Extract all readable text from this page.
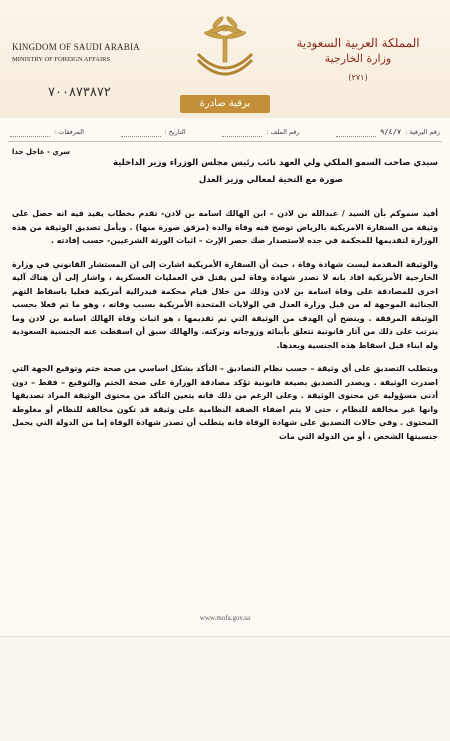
KINGDOM OF SAUDI ARABIA
MINISTRY OF FOREIGN AFFAIRS
٧٠٠٨٧٣٨٧٢
المملكة العربية السعودية
وزارة الخارجية
(٢٧١)
برقية صادرة
رقم البرقية :
٩/٤/٧
رقم الملف :
التاريخ :
المرفقات :
سري - عاجل جدا
سيدي صاحب السمو الملكي ولي العهد نائب رئيس مجلس الوزراء وزير الداخلية
صورة مع التحية لمعالي وزير العدل
أفيد سموكم بأن السيد / عبدالله بن لادن – ابن الهالك اسامه بن لادن- تقدم بخطاب يفيد فيه انه حصل على وثيقة من السفارة الامريكية بالرياض توضح فيه وفاة والده (مرفق صورة منها) . ويأمل تصديق الوثيقة من هذه الوزارة لتقديمها للمحكمة في جده لاستصدار صك حصر الإرث – اثبات الورثة الشرعيين- حسب إفادته .
والوثيقة المقدمة ليست شهادة وفاة ، حيث أن السفارة الأمريكية اشارت إلى ان المستشار القانوني في وزارة الخارجية الأمريكية افاد بانه لا تصدر شهادة وفاة لمن يقتل في العمليات العسكرية ، واشار إلى أن هناك آلية اخرى للمصادقة على وفاة اسامة بن لادن وذلك من خلال قيام محكمة فيدرالية أمريكية فعليا باسقاط التهم الجنائية الموجهة له من قبل وزارة العدل في الولايات المتحدة الأمريكية بسبب وفاته ، وهو ما تم فعلا بحسب الوثيقة المرفقة . ويتضح أن الهدف من الوثيقة التي تم تقديمها ، هو اثبات وفاة الهالك اسامة بن لادن وما يترتب على ذلك من آثار قانونية تتعلق بأبنائه وزوجاته وتركته. والهالك سبق أن اسقطت عنه الجنسية السعودية وله ابناء قبل اسقاط هذه الجنسية وبعدها.
ويتطلب التصديق على أي وثيقة – حسب نظام التصاديق – التأكد بشكل اساسي من صحة ختم وتوقيع الجهة التي اصدرت الوثيقة . ويصدر التصديق بصيغة قانونية تؤكد مصادقة الوزارة على صحة الختم والتوقيع – فقط – دون أدنى مسؤولية عن محتوى الوثيقة . وعلى الرغم من ذلك فانه يتعين التأكد من محتوى الوثيقة المراد تصديقها وانها غير مخالفة للنظام ، حتى لا يتم اضفاء الصفة النظامية على وثيقة قد تكون مخالفة للنظام أو مغلوطة المحتوى . وفي حالات التصديق على شهادة الوفاة فانه يتطلب أن تصدر شهادة الوفاة إما من الدولة التي يحمل جنسيتها الشخص ، أو من الدولة التي مات
www.mofa.gov.sa
